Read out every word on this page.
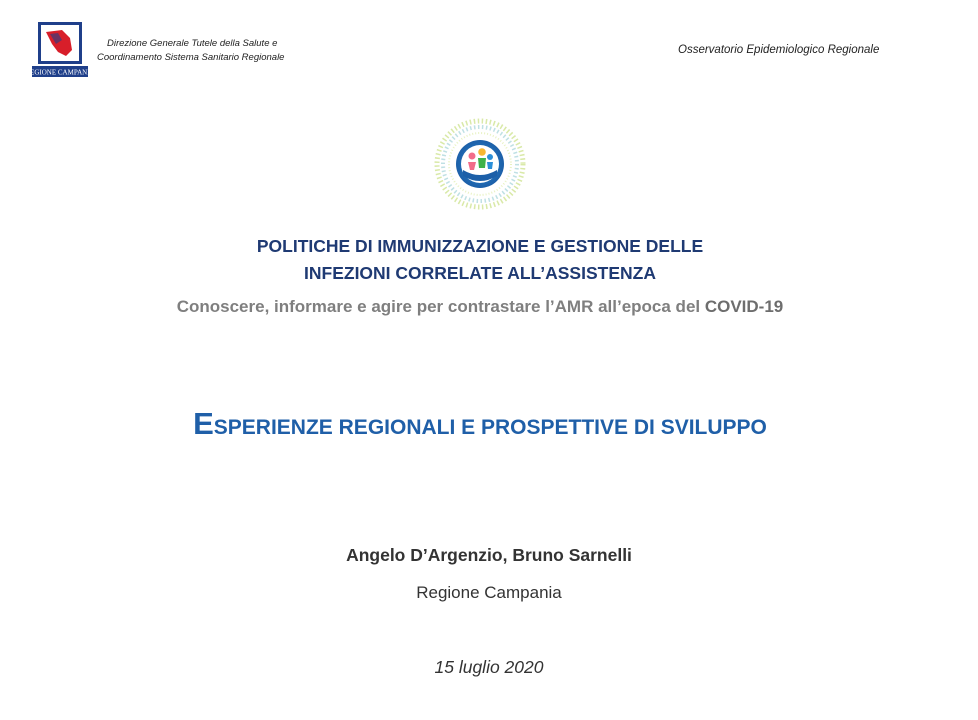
REGIONE CAMPANIA
Direzione Generale Tutele della Salute e
Coordinamento Sistema Sanitario Regionale
Osservatorio Epidemiologico Regionale
POLITICHE DI IMMUNIZZAZIONE E GESTIONE DELLE
INFEZIONI CORRELATE ALL’ASSISTENZA
Conoscere, informare e agire per contrastare l’AMR all’epoca del COVID-19
ESPERIENZE REGIONALI E PROSPETTIVE DI SVILUPPO
Angelo D’Argenzio, Bruno Sarnelli
Regione Campania
15 luglio 2020
